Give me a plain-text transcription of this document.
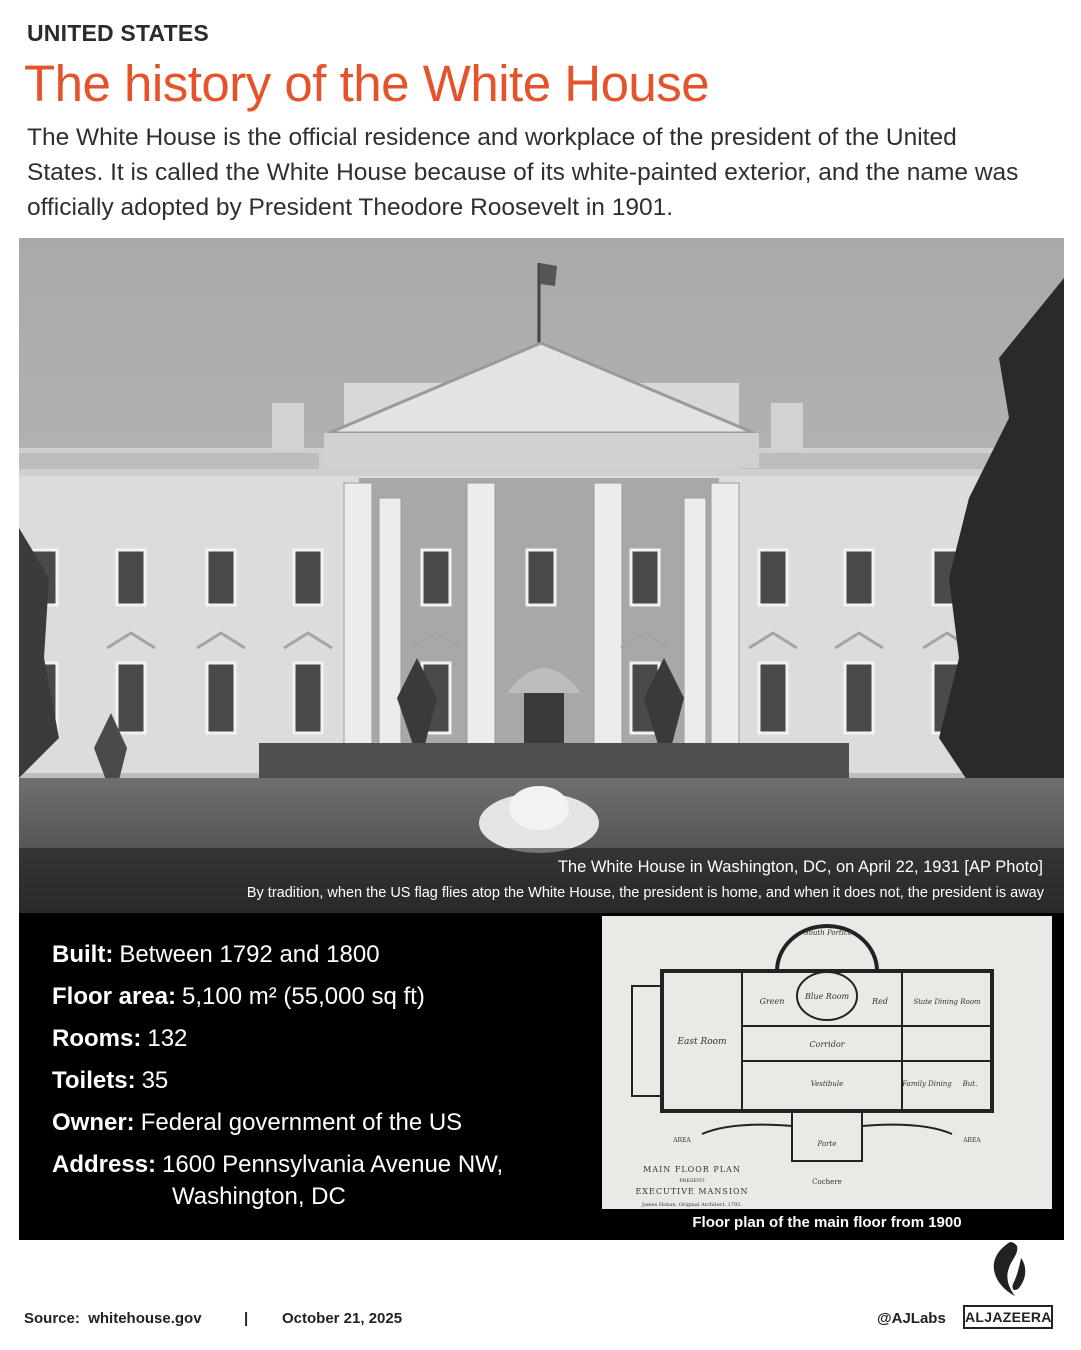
UNITED STATES
The history of the White House
The White House is the official residence and workplace of the president of the United States. It is called the White House because of its white-painted exterior, and the name was officially adopted by President Theodore Roosevelt in 1901.
The White House in Washington, DC, on April 22, 1931 [AP Photo]
By tradition, when the US flag flies atop the White House, the president is home, and when it does not, the president is away
Built: Between 1792 and 1800
Floor area: 5,100 m² (55,000 sq ft)
Rooms: 132
Toilets: 35
Owner: Federal government of the US
Address: 1600 Pennsylvania Avenue NW,
Washington, DC
South Portico
Blue Room
Green	Red	State Dining Room
East Room	Corridor
Vestibule	Family Dining But.
Porte
AREA	AREA
MAIN FLOOR PLAN
PRESENT
EXECUTIVE MANSION
Cochere
James Hoban, Original Architect. 1792.
Floor plan of the main floor from 1900
Source: whitehouse.gov	| October 21, 2025	@AJLabs ALJAZEERA
